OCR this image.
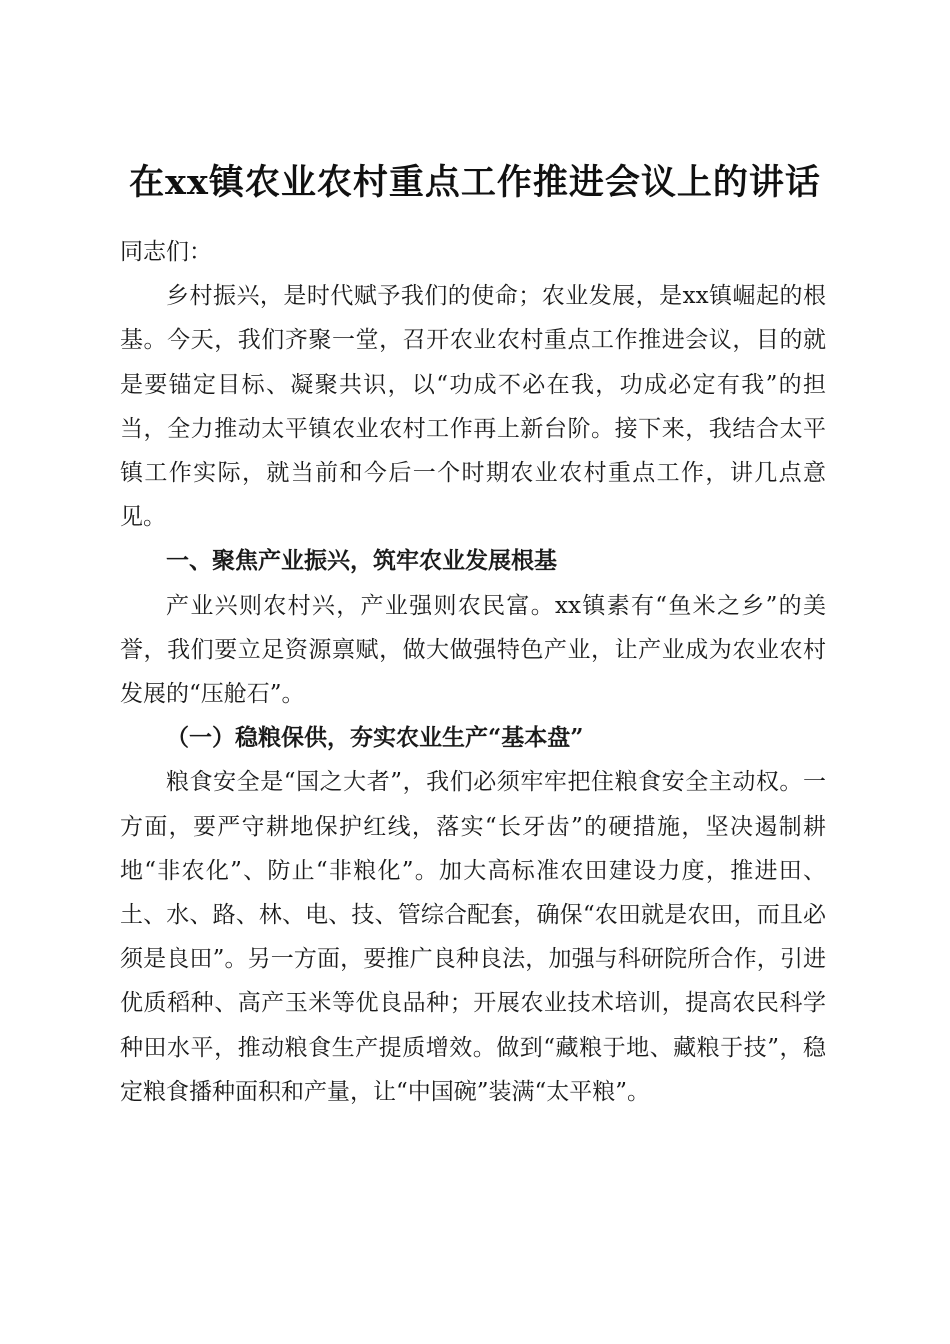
在xx镇农业农村重点工作推进会议上的讲话

同志们：

乡村振兴，是时代赋予我们的使命；农业发展，是xx镇崛起的根基。今天，我们齐聚一堂，召开农业农村重点工作推进会议，目的就是要锚定目标、凝聚共识，以“功成不必在我，功成必定有我”的担当，全力推动太平镇农业农村工作再上新台阶。接下来，我结合太平镇工作实际，就当前和今后一个时期农业农村重点工作，讲几点意见。

一、聚焦产业振兴，筑牢农业发展根基

产业兴则农村兴，产业强则农民富。xx镇素有“鱼米之乡”的美誉，我们要立足资源禀赋，做大做强特色产业，让产业成为农业农村发展的“压舱石”。

（一）稳粮保供，夯实农业生产“基本盘”

粮食安全是“国之大者”，我们必须牢牢把住粮食安全主动权。一方面，要严守耕地保护红线，落实“长牙齿”的硬措施，坚决遏制耕地“非农化”、防止“非粮化”。加大高标准农田建设力度，推进田、土、水、路、林、电、技、管综合配套，确保“农田就是农田，而且必须是良田”。另一方面，要推广良种良法，加强与科研院所合作，引进优质稻种、高产玉米等优良品种；开展农业技术培训，提高农民科学种田水平，推动粮食生产提质增效。做到“藏粮于地、藏粮于技”，稳定粮食播种面积和产量，让“中国碗”装满“太平粮”。
